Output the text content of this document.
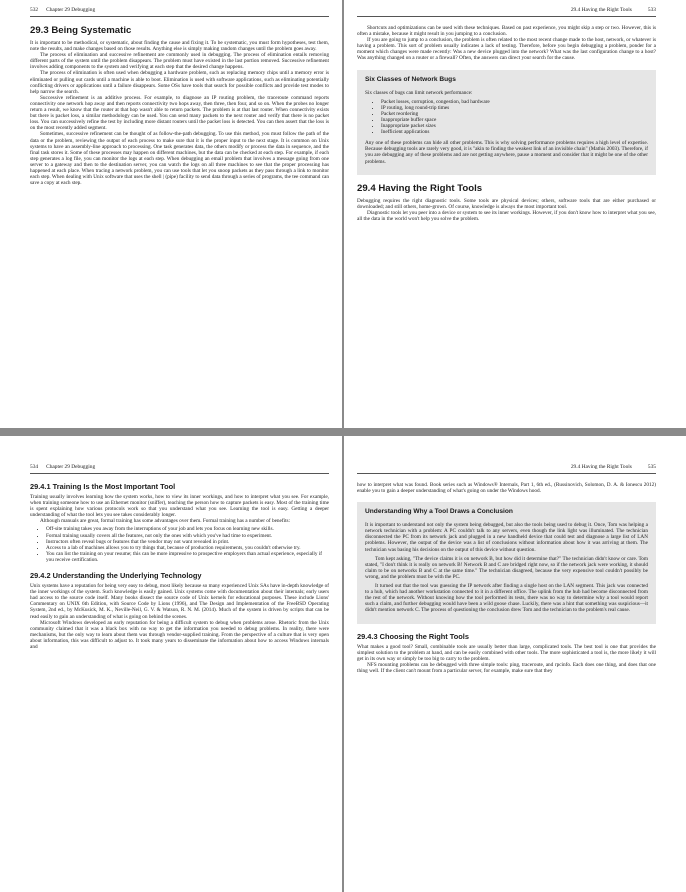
532 Chapter 29 Debugging
29.3 Being Systematic

It is important to be methodical, or systematic, about finding the cause and fixing it. To be systematic, you must form hypotheses, test them, note the results, and make changes based on those results. Anything else is simply making random changes until the problem goes away.

The process of elimination and successive refinement are commonly used in debugging. The process of elimination entails removing different parts of the system until the problem disappears. The problem must have existed in the last portion removed. Successive refinement involves adding components to the system and verifying at each step that the desired change happens.

The process of elimination is often used when debugging a hardware problem, such as replacing memory chips until a memory error is eliminated or pulling out cards until a machine is able to boot. Elimination is used with software applications, such as eliminating potentially conflicting drivers or applications until a failure disappears. Some OSs have tools that search for possible conflicts and provide test modes to help narrow the search.

Successive refinement is an additive process. For example, to diagnose an IP routing problem, the traceroute command reports connectivity one network hop away and then reports connectivity two hops away, then three, then four, and so on. When the probes no longer return a result, we know that the router at that hop wasn't able to return packets. The problem is at that last router. When connectivity exists but there is packet loss, a similar methodology can be used. You can send many packets to the next router and verify that there is no packet loss. You can successively refine the test by including more distant routers until the packet loss is detected. You can then assert that the loss is on the most recently added segment.

Sometimes, successive refinement can be thought of as follow-the-path debugging. To use this method, you must follow the path of the data or the problem, reviewing the output of each process to make sure that it is the proper input to the next stage. It is common on Unix systems to have an assembly-line approach to processing. One task generates data, the others modify or process the data in sequence, and the final task stores it. Some of these processes may happen on different machines, but the data can be checked at each step. For example, if each step generates a log file, you can monitor the logs at each step. When debugging an email problem that involves a message going from one server to a gateway and then to the destination server, you can watch the logs on all three machines to see that the proper processing has happened at each place. When tracing a network problem, you can use tools that let you snoop packets as they pass through a link to monitor each step. When dealing with Unix software that uses the shell | (pipe) facility to send data through a series of programs, the tee command can save a copy at each step.

29.4 Having the Right Tools	533

Shortcuts and optimizations can be used with these techniques. Based on past experience, you might skip a step or two. However, this is often a mistake, because it might result in you jumping to a conclusion.

If you are going to jump to a conclusion, the problem is often related to the most recent change made to the host, network, or whatever is having a problem. This sort of problem usually indicates a lack of testing. Therefore, before you begin debugging a problem, ponder for a moment which changes were made recently: Was a new device plugged into the network? What was the last configuration change to a host? Was anything changed on a router or a firewall? Often, the answers can direct your search for the cause.

Six Classes of Network Bugs

Six classes of bugs can limit network performance:

• Packet losses, corruption, congestion, bad hardware
• IP routing, long round-trip times
• Packet reordering
• Inappropriate buffer space
• Inappropriate packet sizes
• Inefficient applications

Any one of these problems can hide all other problems. This is why solving performance problems requires a high level of expertise. Because debugging tools are rarely very good, it is "akin to finding the weakest link of an invisible chain" (Mathis 2003). Therefore, if you are debugging any of these problems and are not getting anywhere, pause a moment and consider that it might be one of the other problems.

29.4 Having the Right Tools

Debugging requires the right diagnostic tools. Some tools are physical devices; others, software tools that are either purchased or downloaded; and still others, home-grown. Of course, knowledge is always the most important tool.

Diagnostic tools let you peer into a device or system to see its inner workings. However, if you don't know how to interpret what you see, all the data in the world won't help you solve the problem.

534 Chapter 29 Debugging
29.4.1 Training Is the Most Important Tool

Training usually involves learning how the system works, how to view its inner workings, and how to interpret what you see. For example, when training someone how to use an Ethernet monitor (sniffer), teaching the person how to capture packets is easy. Most of the training time is spent explaining how various protocols work so that you understand what you see. Learning the tool is easy. Getting a deeper understanding of what the tool lets you see takes considerably longer.

Although manuals are great, formal training has some advantages over them. Formal training has a number of benefits:

• Off-site training takes you away from the interruptions of your job and lets you focus on learning new skills.
• Formal training usually covers all the features, not only the ones with which you've had time to experiment.
• Instructors often reveal bugs or features that the vendor may not want revealed in print.
• Access to a lab of machines allows you to try things that, because of production requirements, you couldn't otherwise try.
• You can list the training on your resume; this can be more impressive to prospective employers than actual experience, especially if you receive certification.
29.4.2 Understanding the Underlying Technology

Unix systems have a reputation for being very easy to debug, most likely because so many experienced Unix SAs have in-depth knowledge of the inner workings of the system. Such knowledge is easily gained. Unix systems come with documentation about their internals; early users had access to the source code itself. Many books dissect the source code of Unix kernels for educational purposes. These include Lions' Commentary on UNIX 6th Edition, with Source Code by Lions (1996), and The Design and Implementation of the FreeBSD Operating System, 2nd ed., by McKusick, M. K., Neville-Neil, G. V. & Watson, R. N. M. (2014). Much of the system is driven by scripts that can be read easily to gain an understanding of what is going on behind the scenes.

Microsoft Windows developed an early reputation for being a difficult system to debug when problems arose. Rhetoric from the Unix community claimed that it was a black box with no way to get the information you needed to debug problems. In reality, there were mechanisms, but the only way to learn about them was through vendor-supplied training. From the perspective of a culture that is very open about information, this was difficult to adjust to. It took many years to disseminate the information about how to access Windows internals and

29.4 Having the Right Tools	535

how to interpret what was found. Book series such as Windows® Internals, Part 1, 6th ed., (Russinovich, Solomon, D. A. & Ionescu 2012) enable you to gain a deeper understanding of what's going on under the Windows hood.

Understanding Why a Tool Draws a Conclusion

It is important to understand not only the system being debugged, but also the tools being used to debug it. Once, Tom was helping a network technician with a problem: A PC couldn't talk to any servers, even though the link light was illuminated. The technician disconnected the PC from its network jack and plugged in a new handheld device that could test and diagnose a large list of LAN problems. However, the output of the device was a list of conclusions without information about how it was arriving at them. The technician was basing his decisions on the output of this device without question.

Tom kept asking, "The device claims it is on network B, but how did it determine that?" The technician didn't know or care. Tom stated, "I don't think it is really on network B! Network B and C are bridged right now, so if the network jack were working, it should claim to be on networks B and C at the same time." The technician disagreed, because the very expensive tool couldn't possibly be wrong, and the problem must be with the PC.

It turned out that the tool was guessing the IP network after finding a single host on the LAN segment. This jack was connected to a hub, which had another workstation connected to it in a different office. The uplink from the hub had become disconnected from the rest of the network. Without knowing how the tool performed its tests, there was no way to determine why a tool would report such a claim, and further debugging would have been a wild goose chase. Luckily, there was a hint that something was suspicious—it didn't mention network C. The process of questioning the conclusion drew Tom and the technician to the problem's real cause.

29.4.3 Choosing the Right Tools

What makes a good tool? Small, combinable tools are usually better than large, complicated tools. The best tool is one that provides the simplest solution to the problem at hand, and can be easily combined with other tools. The more sophisticated a tool is, the more likely it will get in its own way or simply be too big to carry to the problem.

NFS mounting problems can be debugged with three simple tools: ping, traceroute, and rpcinfo. Each does one thing, and does that one thing well. If the client can't mount from a particular server, for example, make sure that they
